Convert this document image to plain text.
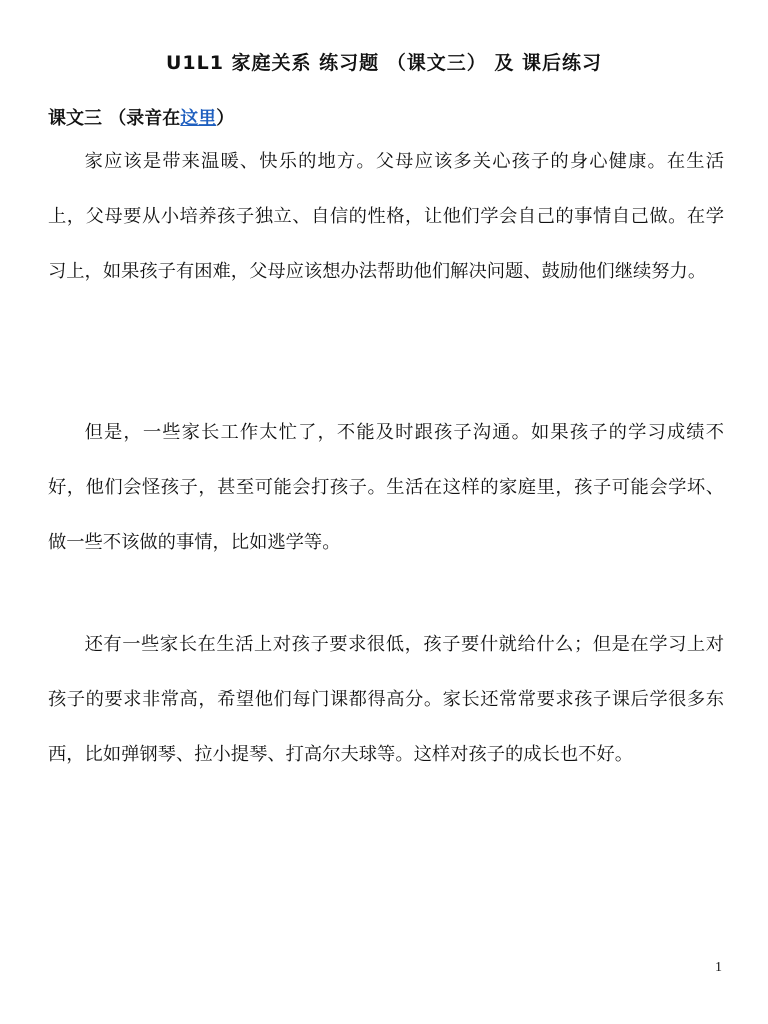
U1L1 家庭关系 练习题 （课文三） 及 课后练习
课文三 （录音在这里）

家应该是带来温暖、快乐的地方。父母应该多关心孩子的身心健康。在生活上，父母要从小培养孩子独立、自信的性格，让他们学会自己的事情自己做。在学习上，如果孩子有困难，父母应该想办法帮助他们解决问题、鼓励他们继续努力。

但是，一些家长工作太忙了，不能及时跟孩子沟通。如果孩子的学习成绩不好，他们会怪孩子，甚至可能会打孩子。生活在这样的家庭里，孩子可能会学坏、做一些不该做的事情，比如逃学等。

还有一些家长在生活上对孩子要求很低，孩子要什就给什么；但是在学习上对孩子的要求非常高，希望他们每门课都得高分。家长还常常要求孩子课后学很多东西，比如弹钢琴、拉小提琴、打高尔夫球等。这样对孩子的成长也不好。

1
